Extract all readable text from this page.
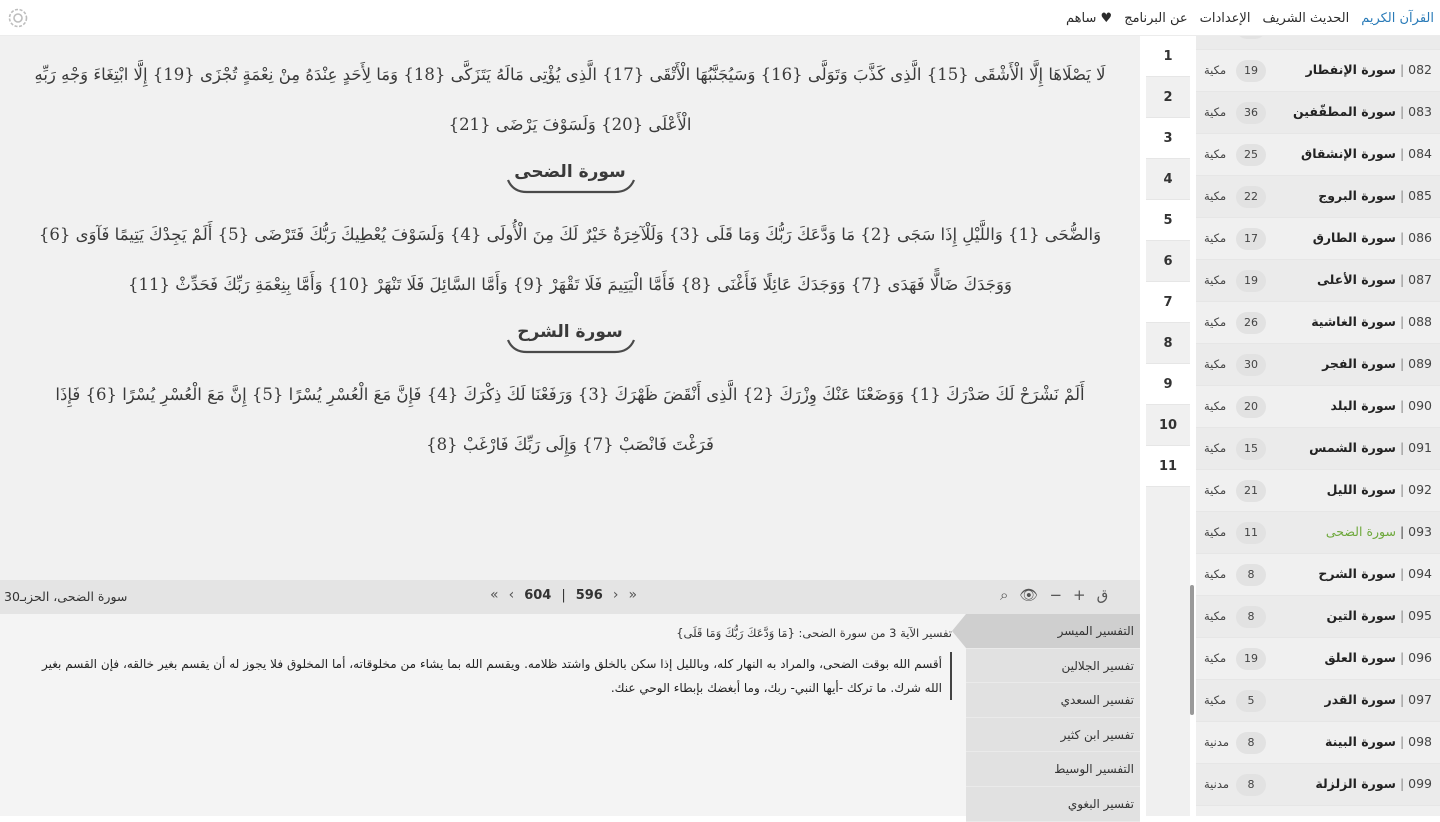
القرآن الكريم
الحديث الشريف
الإعدادات
عن البرنامج
ساهم ♥
لَا يَصْلَاهَا إِلَّا الْأَشْقَى {15} الَّذِى كَذَّبَ وَتَوَلَّى {16} وَسَيُجَنَّبُهَا الْأَتْقَى {17} الَّذِى يُؤْتِى مَالَهُ يَتَزَكَّى {18} وَمَا لِأَحَدٍ عِنْدَهُ مِنْ نِعْمَةٍ تُجْزَى {19} إِلَّا ابْتِغَاءَ وَجْهِ رَبِّهِ
الْأَعْلَى {20} وَلَسَوْفَ يَرْضَى {21}
سورة الضحى
وَالضُّحَى {1} وَاللَّيْلِ إِذَا سَجَى {2} مَا وَدَّعَكَ رَبُّكَ وَمَا قَلَى {3} وَلَلْآخِرَةُ خَيْرٌ لَكَ مِنَ الْأُولَى {4} وَلَسَوْفَ يُعْطِيكَ رَبُّكَ فَتَرْضَى {5} أَلَمْ يَجِدْكَ يَتِيمًا فَآوَى {6}
وَوَجَدَكَ ضَالًّا فَهَدَى {7} وَوَجَدَكَ عَائِلًا فَأَغْنَى {8} فَأَمَّا الْيَتِيمَ فَلَا تَقْهَرْ {9} وَأَمَّا السَّائِلَ فَلَا تَنْهَرْ {10} وَأَمَّا بِنِعْمَةِ رَبِّكَ فَحَدِّثْ {11}
سورة الشرح
أَلَمْ نَشْرَحْ لَكَ صَدْرَكَ {1} وَوَضَعْنَا عَنْكَ وِزْرَكَ {2} الَّذِى أَنْقَضَ ظَهْرَكَ {3} وَرَفَعْنَا لَكَ ذِكْرَكَ {4} فَإِنَّ مَعَ الْعُسْرِ يُسْرًا {5} إِنَّ مَعَ الْعُسْرِ يُسْرًا {6} فَإِذَا
فَرَغْتَ فَانْصَبْ {7} وَإِلَى رَبِّكَ فَارْغَبْ {8}
سورة الضحى، الحزبـ30	« ‹ 604 | 596 › »	⌕ 👁 − + ق
تفسير الآية 3 من سورة الضحى: {مَا وَدَّعَكَ رَبُّكَ وَمَا قَلَى}
أقسم الله بوقت الضحى، والمراد به النهار كله، وبالليل إذا سكن بالخلق واشتد ظلامه. ويقسم الله بما يشاء من مخلوقاته، أما المخلوق فلا يجوز له أن يقسم بغير خالقه، فإن القسم بغير الله شرك. ما تركك -أيها النبي- ربك، وما أبغضك بإبطاء الوحي عنك.
التفسير الميسر
تفسير الجلالين
تفسير السعدي
تفسير ابن كثير
التفسير الوسيط
تفسير البغوي
1
2
3
4
5
6
7
8
9
10
11
082 | سورة الإنفطار
19
مكية
083 | سورة المطفّفين
36
مكية
084 | سورة الإنشقاق
25
مكية
085 | سورة البروج
22
مكية
086 | سورة الطارق
17
مكية
087 | سورة الأعلى
19
مكية
088 | سورة الغاشية
26
مكية
089 | سورة الفجر
30
مكية
090 | سورة البلد
20
مكية
091 | سورة الشمس
15
مكية
092 | سورة الليل
21
مكية
093 | سورة الضحى
11
مكية
094 | سورة الشرح
8
مكية
095 | سورة التين
8
مكية
096 | سورة العلق
19
مكية
097 | سورة القدر
5
مكية
098 | سورة البينة
8
مدنية
099 | سورة الزلزلة
8
مدنية
